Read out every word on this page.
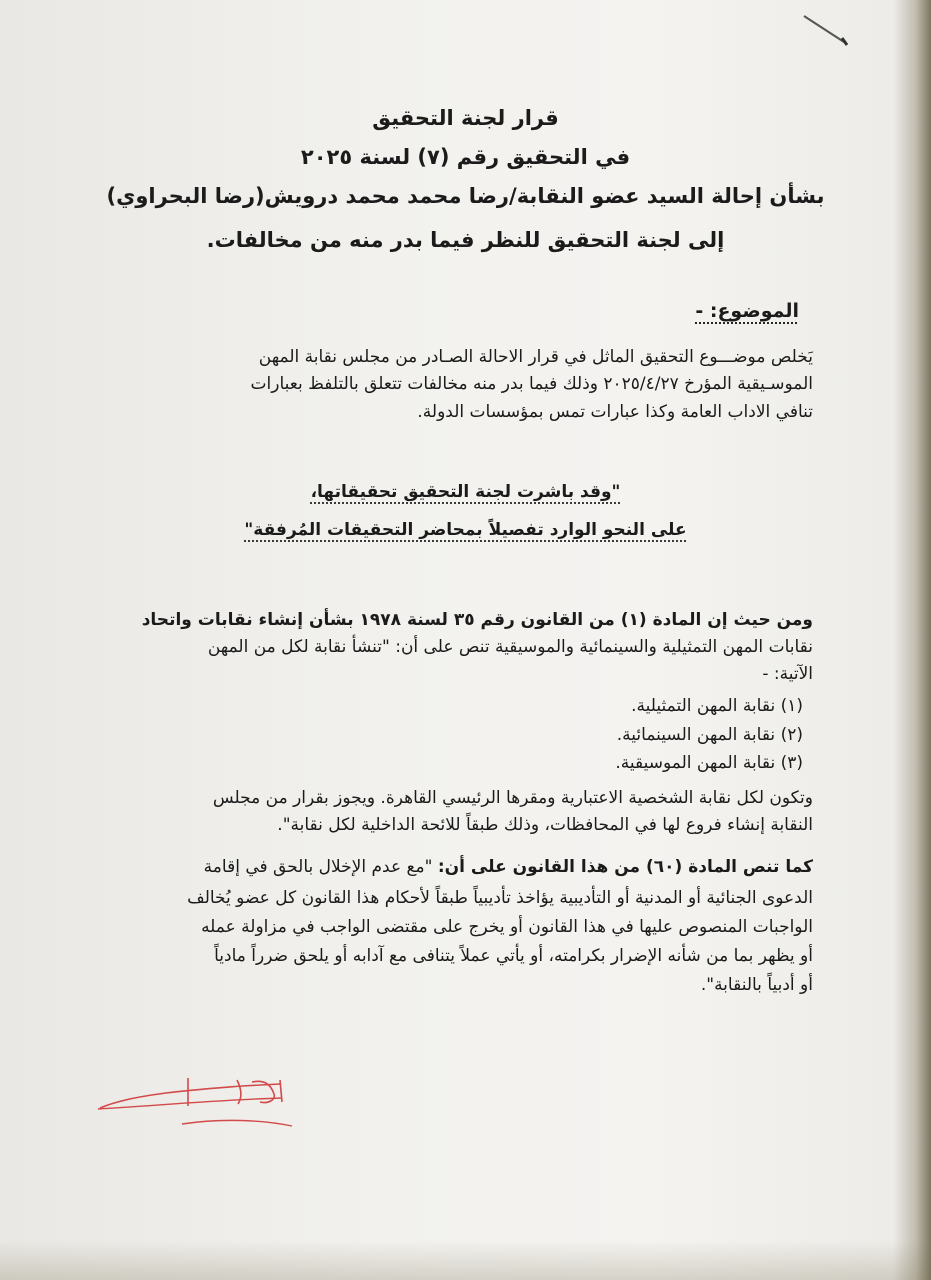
قرار لجنة التحقيق
في التحقيق رقم (٧) لسنة ٢٠٢٥
بشأن إحالة السيد عضو النقابة/رضا محمد محمد درويش(رضا البحراوي)
إلى لجنة التحقيق للنظر فيما بدر منه من مخالفات.
الموضوع: -
يَخلص موضـــوع التحقيق الماثل في قرار الاحالة الصـادر من مجلس نقابة المهن
الموسـيقية المؤرخ ٢٠٢٥/٤/٢٧ وذلك فيما بدر منه مخالفات تتعلق بالتلفظ بعبارات
تنافي الاداب العامة وكذا عبارات تمس بمؤسسات الدولة.
"وقد باشرت لجنة التحقيق تحقيقاتها،
على النحو الوارد تفصيلاً بمحاضر التحقيقات المُرفقة"
ومن حيث إن المادة (١) من القانون رقم ٣٥ لسنة ١٩٧٨ بشأن إنشاء نقابات واتحاد
نقابات المهن التمثيلية والسينمائية والموسيقية تنص على أن: "تنشأ نقابة لكل من المهن
الآتية: -
(١) نقابة المهن التمثيلية.
(٢) نقابة المهن السينمائية.
(٣) نقابة المهن الموسيقية.
وتكون لكل نقابة الشخصية الاعتبارية ومقرها الرئيسي القاهرة. ويجوز بقرار من مجلس
النقابة إنشاء فروع لها في المحافظات، وذلك طبقاً للائحة الداخلية لكل نقابة".
كما تنص المادة (٦٠) من هذا القانون على أن: "مع عدم الإخلال بالحق في إقامة
الدعوى الجنائية أو المدنية أو التأديبية يؤاخذ تأديبياً طبقاً لأحكام هذا القانون كل عضو يُخالف
الواجبات المنصوص عليها في هذا القانون أو يخرج على مقتضى الواجب في مزاولة عمله
أو يظهر بما من شأنه الإضرار بكرامته، أو يأتي عملاً يتنافى مع آدابه أو يلحق ضرراً مادياً
أو أدبياً بالنقابة".
